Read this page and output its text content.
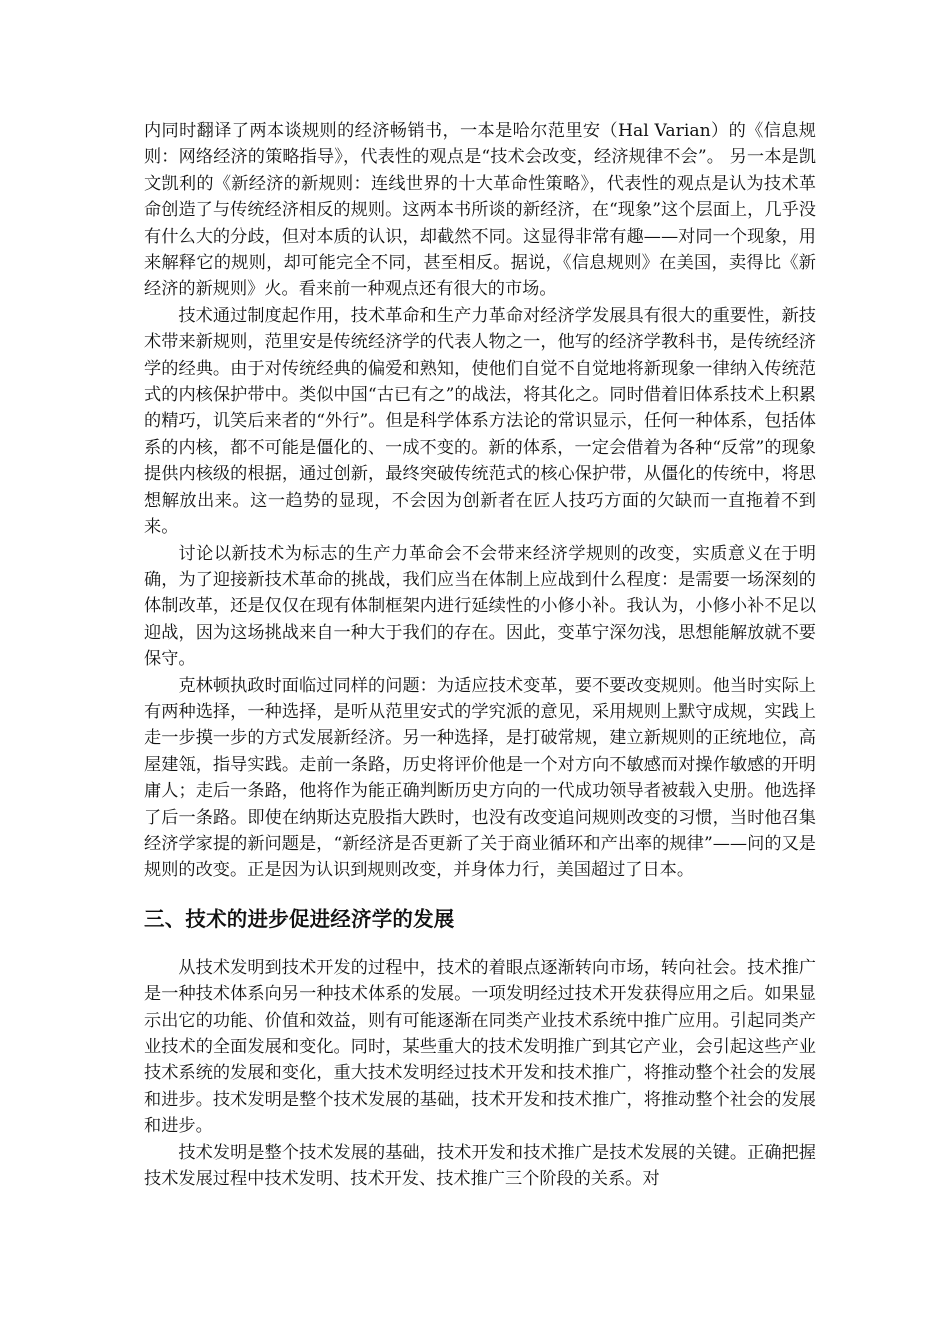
内同时翻译了两本谈规则的经济畅销书，一本是哈尔范里安（Hal Varian）的《信息规则：网络经济的策略指导》，代表性的观点是“技术会改变，经济规律不会”。 另一本是凯文凯利的《新经济的新规则：连线世界的十大革命性策略》，代表性的观点是认为技术革命创造了与传统经济相反的规则。这两本书所谈的新经济，在“现象”这个层面上，几乎没有什么大的分歧，但对本质的认识，却截然不同。这显得非常有趣——对同一个现象，用来解释它的规则，却可能完全不同，甚至相反。据说，《信息规则》在美国，卖得比《新经济的新规则》火。看来前一种观点还有很大的市场。

技术通过制度起作用，技术革命和生产力革命对经济学发展具有很大的重要性，新技术带来新规则，范里安是传统经济学的代表人物之一，他写的经济学教科书，是传统经济学的经典。由于对传统经典的偏爱和熟知，使他们自觉不自觉地将新现象一律纳入传统范式的内核保护带中。类似中国“古已有之”的战法，将其化之。同时借着旧体系技术上积累的精巧，讥笑后来者的“外行”。但是科学体系方法论的常识显示，任何一种体系，包括体系的内核，都不可能是僵化的、一成不变的。新的体系，一定会借着为各种“反常”的现象提供内核级的根据，通过创新，最终突破传统范式的核心保护带，从僵化的传统中，将思想解放出来。这一趋势的显现，不会因为创新者在匠人技巧方面的欠缺而一直拖着不到来。

讨论以新技术为标志的生产力革命会不会带来经济学规则的改变，实质意义在于明确，为了迎接新技术革命的挑战，我们应当在体制上应战到什么程度：是需要一场深刻的体制改革，还是仅仅在现有体制框架内进行延续性的小修小补。我认为，小修小补不足以迎战，因为这场挑战来自一种大于我们的存在。因此，变革宁深勿浅，思想能解放就不要保守。

克林顿执政时面临过同样的问题：为适应技术变革，要不要改变规则。他当时实际上有两种选择，一种选择，是听从范里安式的学究派的意见，采用规则上默守成规，实践上走一步摸一步的方式发展新经济。另一种选择，是打破常规，建立新规则的正统地位，高屋建瓴，指导实践。走前一条路，历史将评价他是一个对方向不敏感而对操作敏感的开明庸人；走后一条路，他将作为能正确判断历史方向的一代成功领导者被载入史册。他选择了后一条路。即使在纳斯达克股指大跌时，也没有改变追问规则改变的习惯，当时他召集经济学家提的新问题是，“新经济是否更新了关于商业循环和产出率的规律”——问的又是规则的改变。正是因为认识到规则改变，并身体力行，美国超过了日本。

三、技术的进步促进经济学的发展

从技术发明到技术开发的过程中，技术的着眼点逐渐转向市场，转向社会。技术推广是一种技术体系向另一种技术体系的发展。一项发明经过技术开发获得应用之后。如果显示出它的功能、价值和效益，则有可能逐渐在同类产业技术系统中推广应用。引起同类产业技术的全面发展和变化。同时，某些重大的技术发明推广到其它产业，会引起这些产业技术系统的发展和变化，重大技术发明经过技术开发和技术推广，将推动整个社会的发展和进步。技术发明是整个技术发展的基础，技术开发和技术推广，将推动整个社会的发展和进步。

技术发明是整个技术发展的基础，技术开发和技术推广是技术发展的关键。正确把握技术发展过程中技术发明、技术开发、技术推广三个阶段的关系。对
